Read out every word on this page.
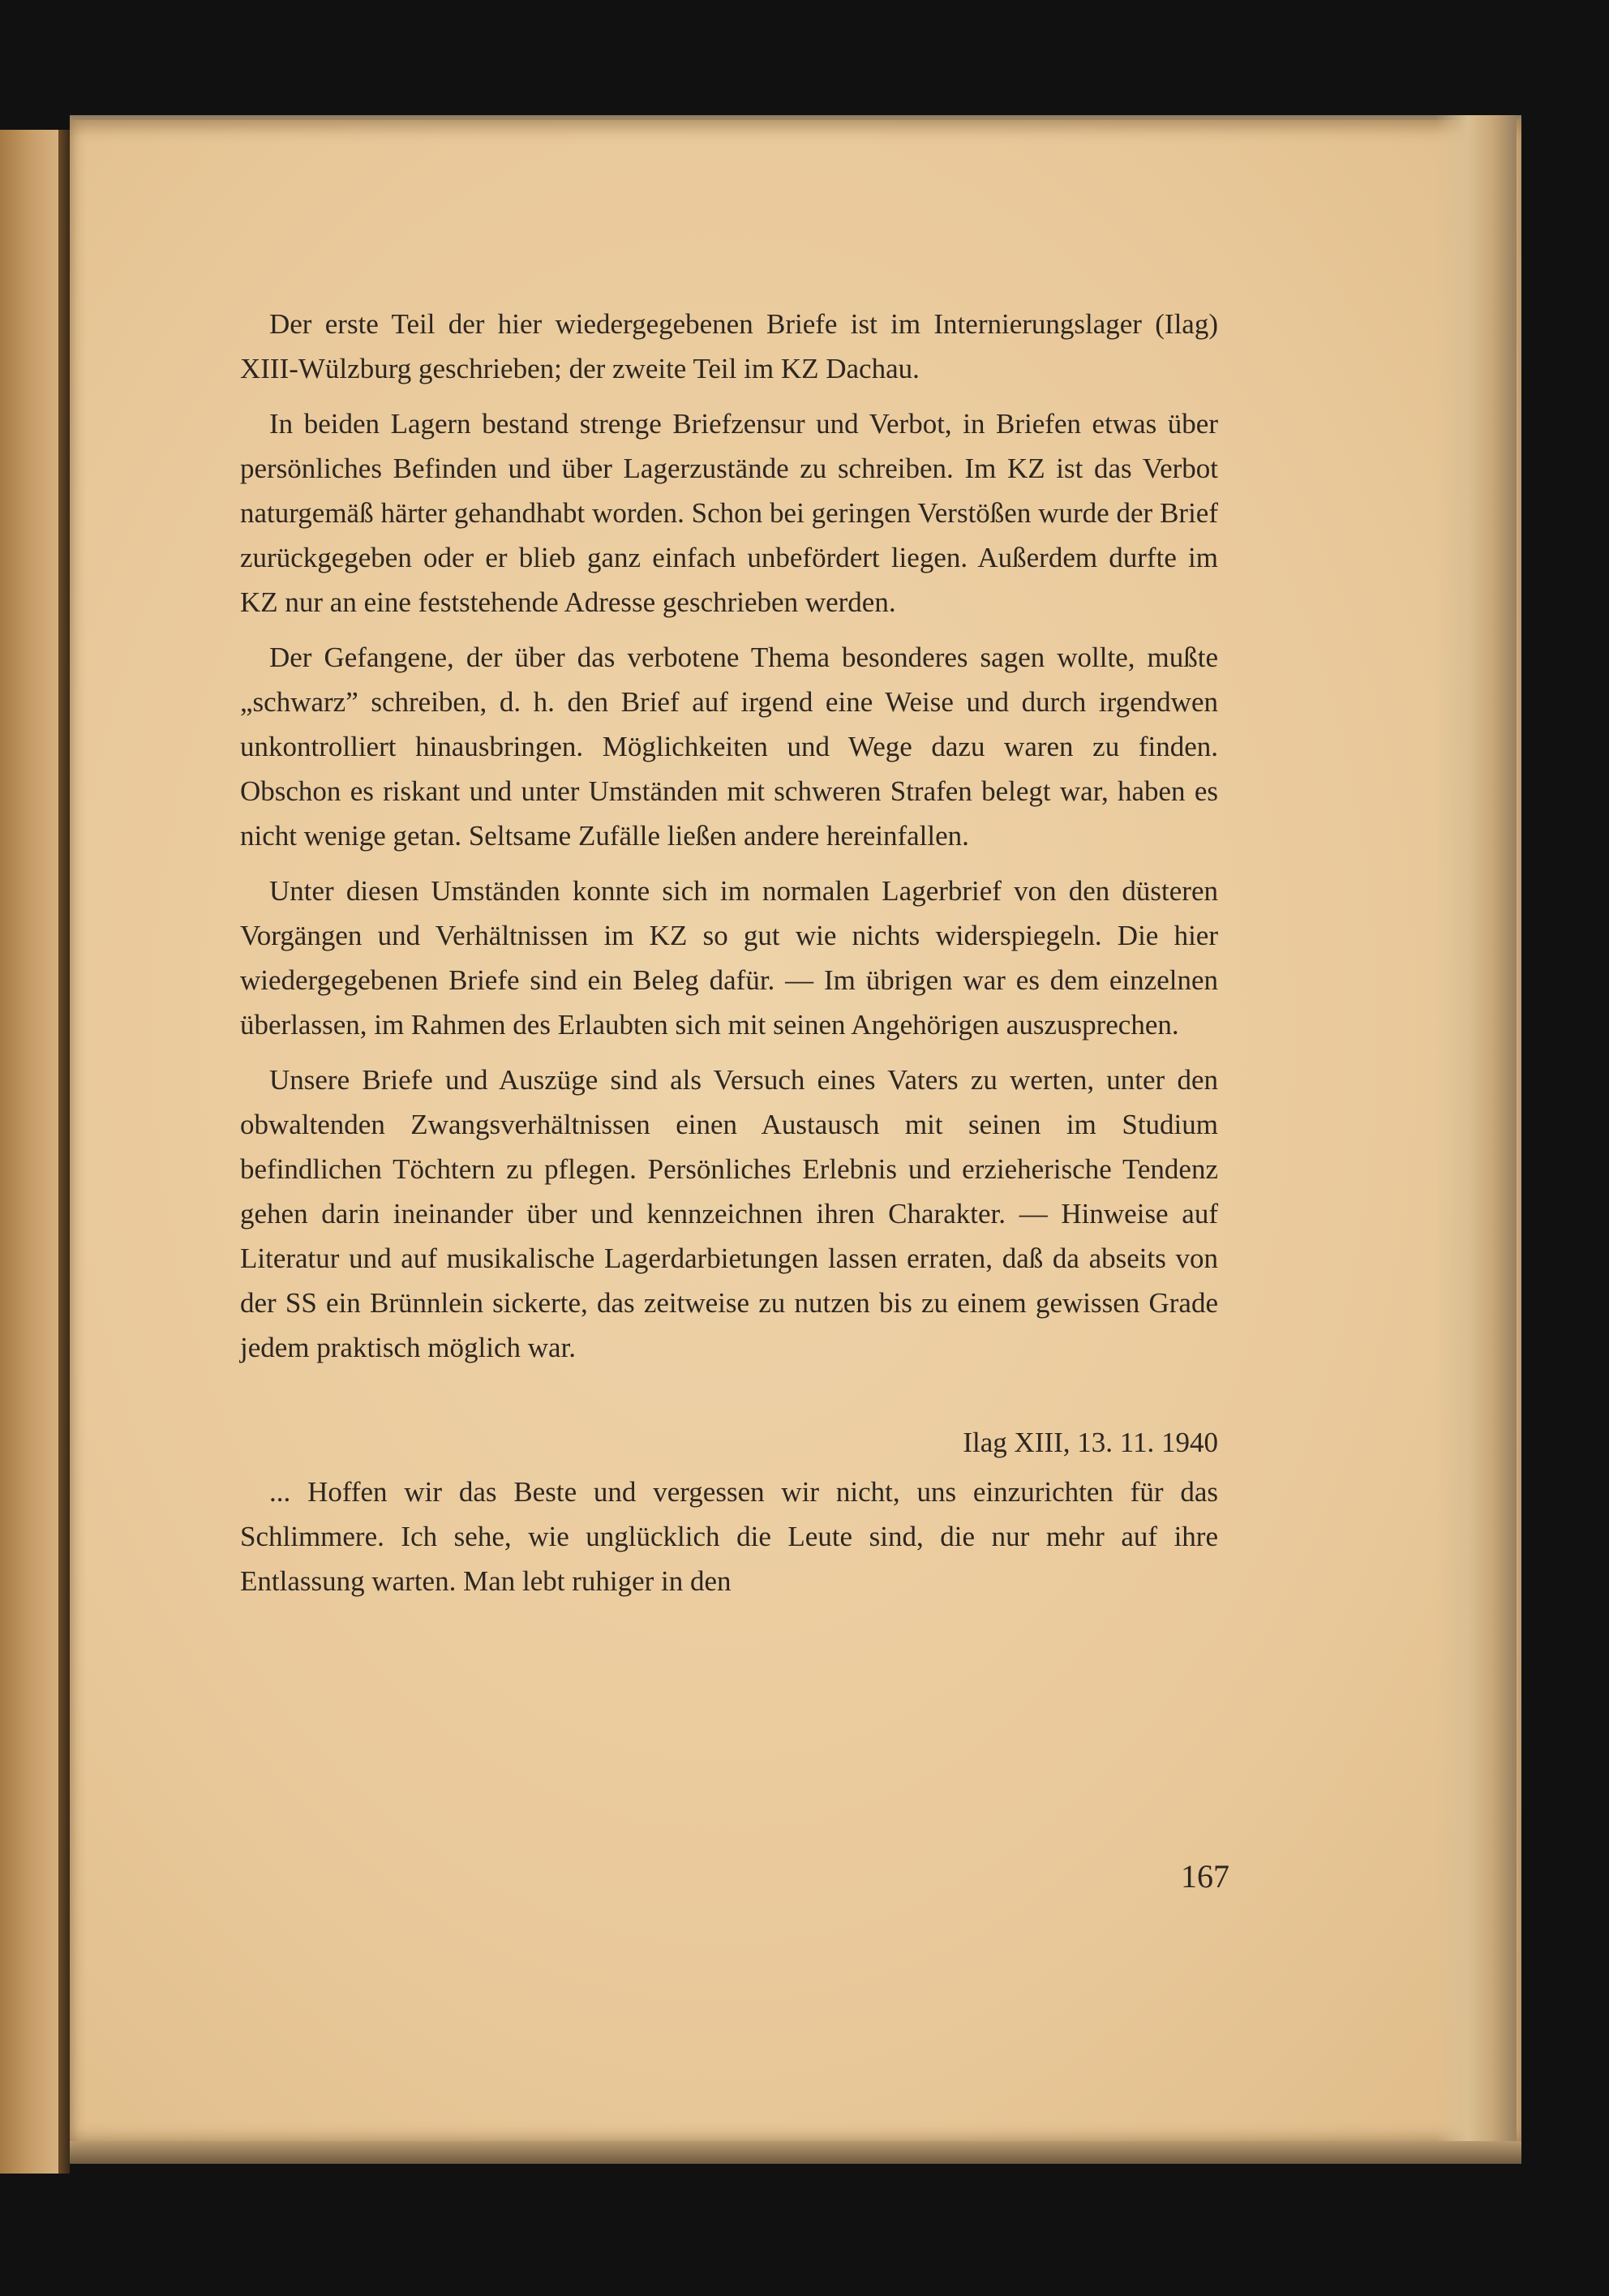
Der erste Teil der hier wiedergegebenen Briefe ist im Internierungslager (Ilag) XIII-Wülzburg geschrieben; der zweite Teil im KZ Dachau.

In beiden Lagern bestand strenge Briefzensur und Verbot, in Briefen etwas über persönliches Befinden und über Lagerzustände zu schreiben. Im KZ ist das Verbot naturgemäß härter gehandhabt worden. Schon bei geringen Verstößen wurde der Brief zurückgegeben oder er blieb ganz einfach unbefördert liegen. Außerdem durfte im KZ nur an eine feststehende Adresse geschrieben werden.

Der Gefangene, der über das verbotene Thema besonderes sagen wollte, mußte „schwarz” schreiben, d. h. den Brief auf irgend eine Weise und durch irgendwen unkontrolliert hinausbringen. Möglichkeiten und Wege dazu waren zu finden. Obschon es riskant und unter Umständen mit schweren Strafen belegt war, haben es nicht wenige getan. Seltsame Zufälle ließen andere hereinfallen.

Unter diesen Umständen konnte sich im normalen Lagerbrief von den düsteren Vorgängen und Verhältnissen im KZ so gut wie nichts widerspiegeln. Die hier wiedergegebenen Briefe sind ein Beleg dafür. — Im übrigen war es dem einzelnen überlassen, im Rahmen des Erlaubten sich mit seinen Angehörigen auszusprechen.

Unsere Briefe und Auszüge sind als Versuch eines Vaters zu werten, unter den obwaltenden Zwangsverhältnissen einen Austausch mit seinen im Studium befindlichen Töchtern zu pflegen. Persönliches Erlebnis und erzieherische Tendenz gehen darin ineinander über und kennzeichnen ihren Charakter. — Hinweise auf Literatur und auf musikalische Lagerdarbietungen lassen erraten, daß da abseits von der SS ein Brünnlein sickerte, das zeitweise zu nutzen bis zu einem gewissen Grade jedem praktisch möglich war.

Ilag XIII, 13. 11. 1940

... Hoffen wir das Beste und vergessen wir nicht, uns einzurichten für das Schlimmere. Ich sehe, wie unglücklich die Leute sind, die nur mehr auf ihre Entlassung warten. Man lebt ruhiger in den

167
